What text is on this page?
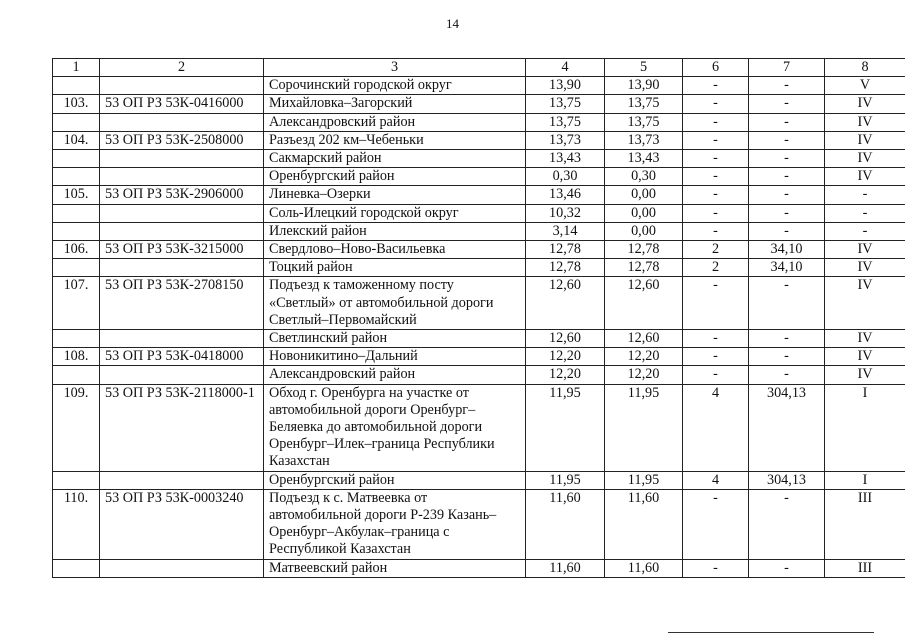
14
1	2	3	4	5	6	7	8
		Сорочинский городской округ	13,90	13,90	-	-	V
103.	53 ОП РЗ 53К-0416000	Михайловка–Загорский	13,75	13,75	-	-	IV
		Александровский район	13,75	13,75	-	-	IV
104.	53 ОП РЗ 53К-2508000	Разъезд 202 км–Чебеньки	13,73	13,73	-	-	IV
		Сакмарский район	13,43	13,43	-	-	IV
		Оренбургский район	0,30	0,30	-	-	IV
105.	53 ОП РЗ 53К-2906000	Линевка–Озерки	13,46	0,00	-	-	-
		Соль-Илецкий городской округ	10,32	0,00	-	-	-
		Илекский район	3,14	0,00	-	-	-
106.	53 ОП РЗ 53К-3215000	Свердлово–Ново-Васильевка	12,78	12,78	2	34,10	IV
		Тоцкий район	12,78	12,78	2	34,10	IV
107.	53 ОП РЗ 53К-2708150	Подъезд к таможенному посту «Светлый» от автомобильной дороги Светлый–Первомайский	12,60	12,60	-	-	IV
		Светлинский район	12,60	12,60	-	-	IV
108.	53 ОП РЗ 53К-0418000	Новоникитино–Дальний	12,20	12,20	-	-	IV
		Александровский район	12,20	12,20	-	-	IV
109.	53 ОП РЗ 53К-2118000-1	Обход г. Оренбурга на участке от автомобильной дороги Оренбург–Беляевка до автомобильной дороги Оренбург–Илек–граница Республики Казахстан	11,95	11,95	4	304,13	I
		Оренбургский район	11,95	11,95	4	304,13	I
110.	53 ОП РЗ 53К-0003240	Подъезд к с. Матвеевка от автомобильной дороги Р-239 Казань–Оренбург–Акбулак–граница с Республикой Казахстан	11,60	11,60	-	-	III
		Матвеевский район	11,60	11,60	-	-	III
